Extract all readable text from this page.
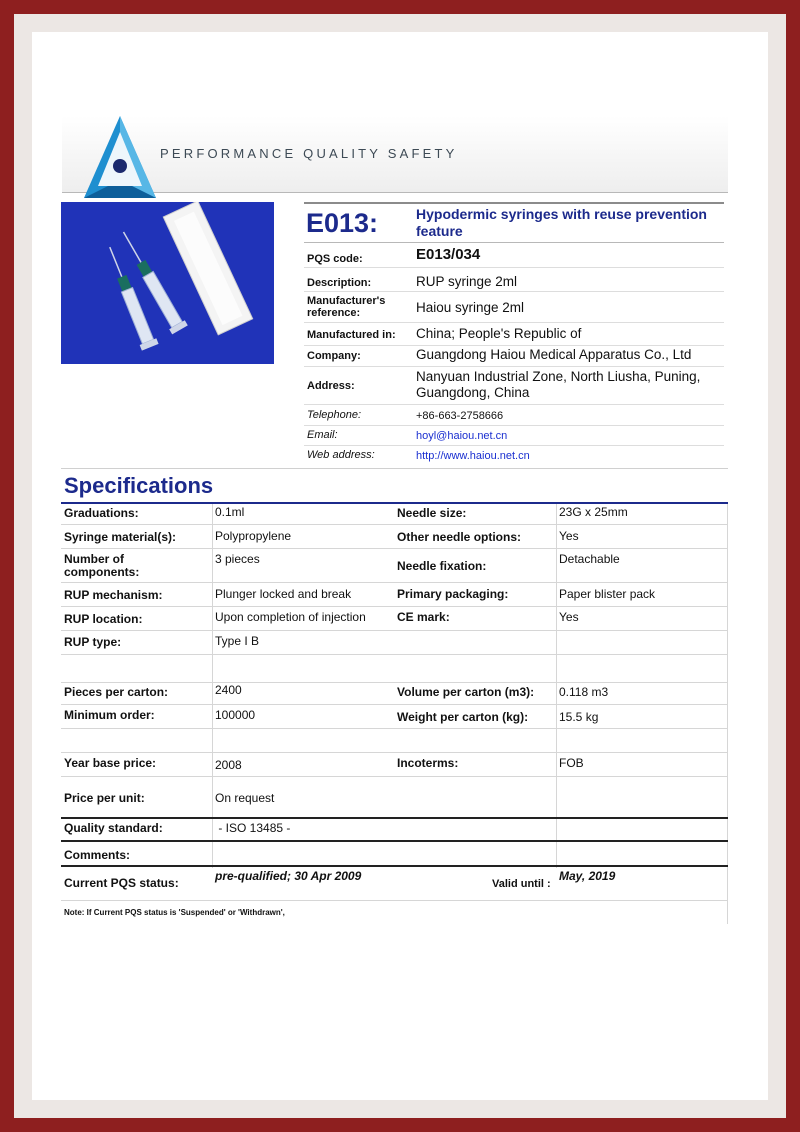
PERFORMANCE QUALITY SAFETY
E013:	Hypodermic syringes with reuse prevention feature
PQS code:	E013/034
Description:	RUP syringe 2ml
Manufacturer's reference:	Haiou syringe 2ml
Manufactured in: China; People's Republic of
Company:	Guangdong Haiou Medical Apparatus Co., Ltd
Address:
Nanyuan Industrial Zone, North Liusha, Puning, Guangdong, China
Telephone:	+86-663-2758666
Email:	hoyl@haiou.net.cn
Web address:	http://www.haiou.net.cn
Specifications
Graduations:	0.1ml	Needle size:	23G x 25mm
Syringe material(s):	Polypropylene	Other needle options:	Yes
Number of components:
3 pieces	Needle fixation:	Detachable
RUP mechanism:	Plunger locked and break	Primary packaging:	Paper blister pack
RUP location:	Upon completion of injection	CE mark:	Yes
RUP type:	Type I B
Pieces per carton:	2400	Volume per carton (m3): 0.118 m3
Minimum order:	100000	Weight per carton (kg):	15.5 kg
Year base price:	2008	Incoterms:	FOB
Price per unit:	On request
Quality standard:	- ISO 13485 -
Comments:
Current PQS status:	pre-qualified; 30 Apr 2009
Valid until :
May, 2019
Note: If Current PQS status is 'Suspended' or 'Withdrawn',
